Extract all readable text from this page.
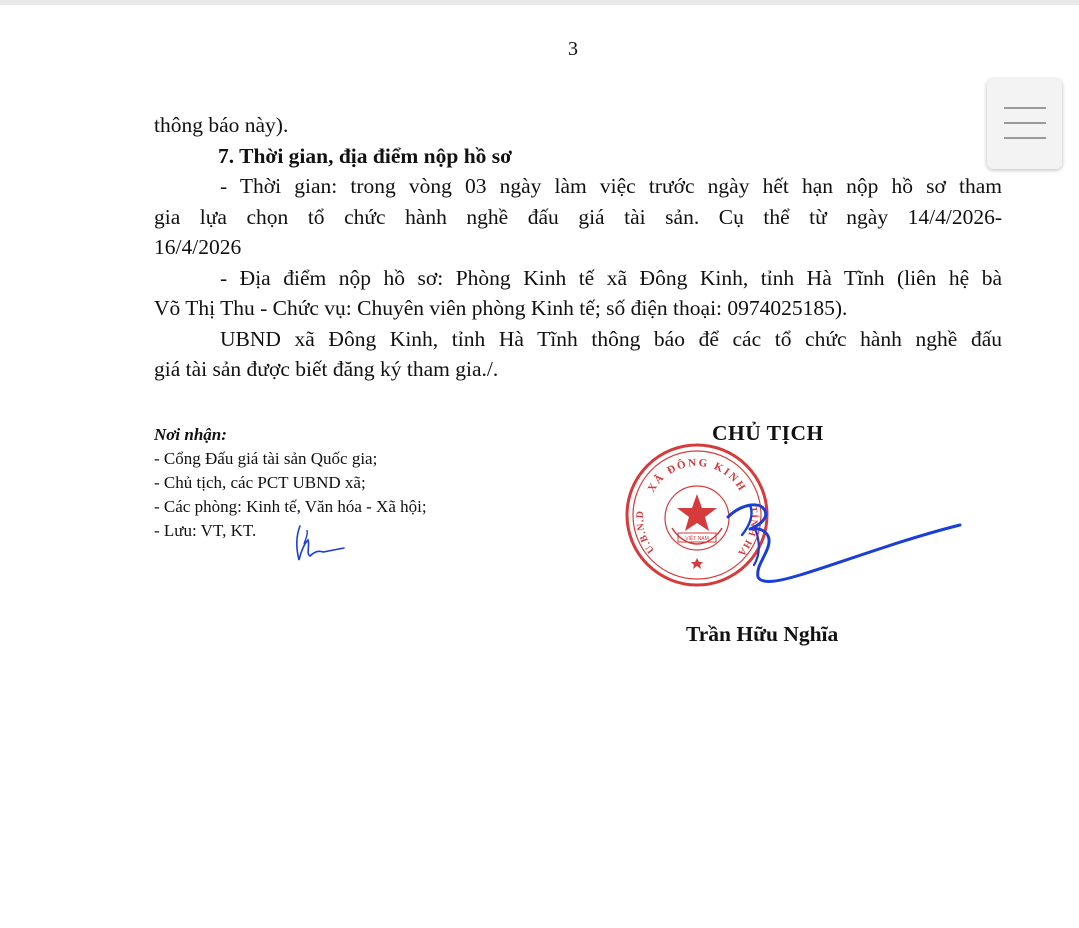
3
thông báo này).
7. Thời gian, địa điểm nộp hồ sơ
- Thời gian: trong vòng 03 ngày làm việc trước ngày hết hạn nộp hồ sơ tham
gia lựa chọn tổ chức hành nghề đấu giá tài sản. Cụ thể từ ngày 14/4/2026-
16/4/2026
- Địa điểm nộp hồ sơ: Phòng Kinh tế xã Đông Kinh, tỉnh Hà Tĩnh (liên hệ bà
Võ Thị Thu - Chức vụ: Chuyên viên phòng Kinh tế; số điện thoại: 0974025185).
UBND xã Đông Kinh, tỉnh Hà Tĩnh thông báo để các tổ chức hành nghề đấu
giá tài sản được biết đăng ký tham gia./.
Nơi nhận:
- Cổng Đấu giá tài sản Quốc gia;
- Chủ tịch, các PCT UBND xã;
- Các phòng: Kinh tế, Văn hóa - Xã hội;
- Lưu: VT, KT.
CHỦ TỊCH
XÃ ĐÔNG KINH
U.B.N.D	TỈNH HÀ
VIỆT NAM
Trần Hữu Nghĩa
